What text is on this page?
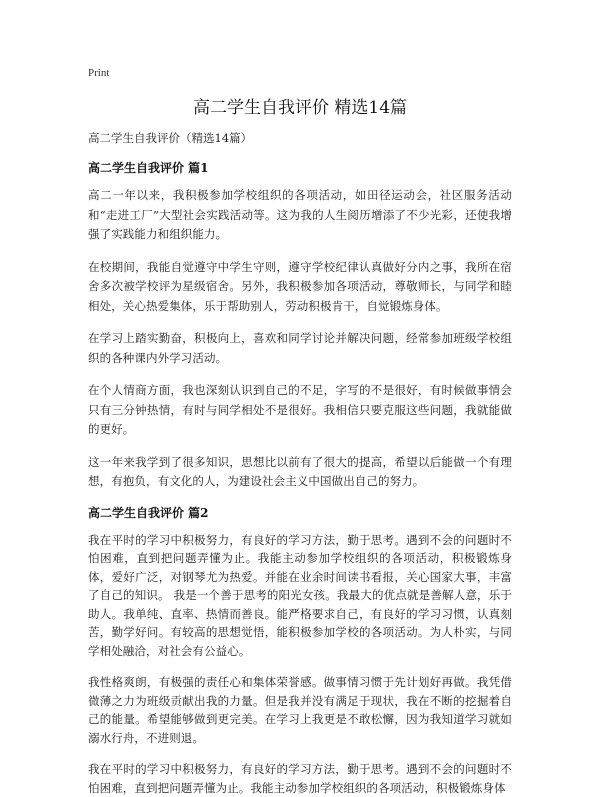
Print
高二学生自我评价 精选14篇
高二学生自我评价（精选14篇）
高二学生自我评价 篇1

高二一年以来，我积极参加学校组织的各项活动，如田径运动会，社区服务活动和“走进工厂”大型社会实践活动等。这为我的人生阅历增添了不少光彩，还使我增强了实践能力和组织能力。

在校期间，我能自觉遵守中学生守则，遵守学校纪律认真做好分内之事，我所在宿舍多次被学校评为星级宿舍。另外，我积极参加各项活动，尊敬师长，与同学和睦相处，关心热爱集体，乐于帮助别人，劳动积极肯干，自觉锻炼身体。

在学习上踏实勤奋，积极向上，喜欢和同学讨论并解决问题，经常参加班级学校组织的各种课内外学习活动。

在个人情商方面，我也深刻认识到自己的不足，字写的不是很好，有时候做事情会只有三分钟热情，有时与同学相处不是很好。我相信只要克服这些问题，我就能做的更好。

这一年来我学到了很多知识，思想比以前有了很大的提高，希望以后能做一个有理想，有抱负，有文化的人，为建设社会主义中国做出自己的努力。

高二学生自我评价 篇2

我在平时的学习中积极努力，有良好的学习方法，勤于思考。遇到不会的问题时不怕困难，直到把问题弄懂为止。我能主动参加学校组织的各项活动，积极锻炼身体，爱好广泛，对钢琴尤为热爱。并能在业余时间读书看报，关心国家大事，丰富了自己的知识。 我是一个善于思考的阳光女孩。我最大的优点就是善解人意，乐于助人。我单纯、直率、热情而善良。能严格要求自己，有良好的学习习惯，认真刻苦，勤学好问。有较高的思想觉悟，能积极参加学校的各项活动。为人朴实，与同学相处融洽，对社会有公益心。

我性格爽朗，有极强的责任心和集体荣誉感。做事情习惯于先计划好再做。我凭借微薄之力为班级贡献出我的力量。但是我并没有满足于现状，我在不断的挖掘着自己的能量。希望能够做到更完美。在学习上我更是不敢松懈，因为我知道学习就如溺水行舟，不进则退。

我在平时的学习中积极努力，有良好的学习方法，勤于思考。遇到不会的问题时不怕困难，直到把问题弄懂为止。我能主动参加学校组织的各项活动，积极锻炼身体
